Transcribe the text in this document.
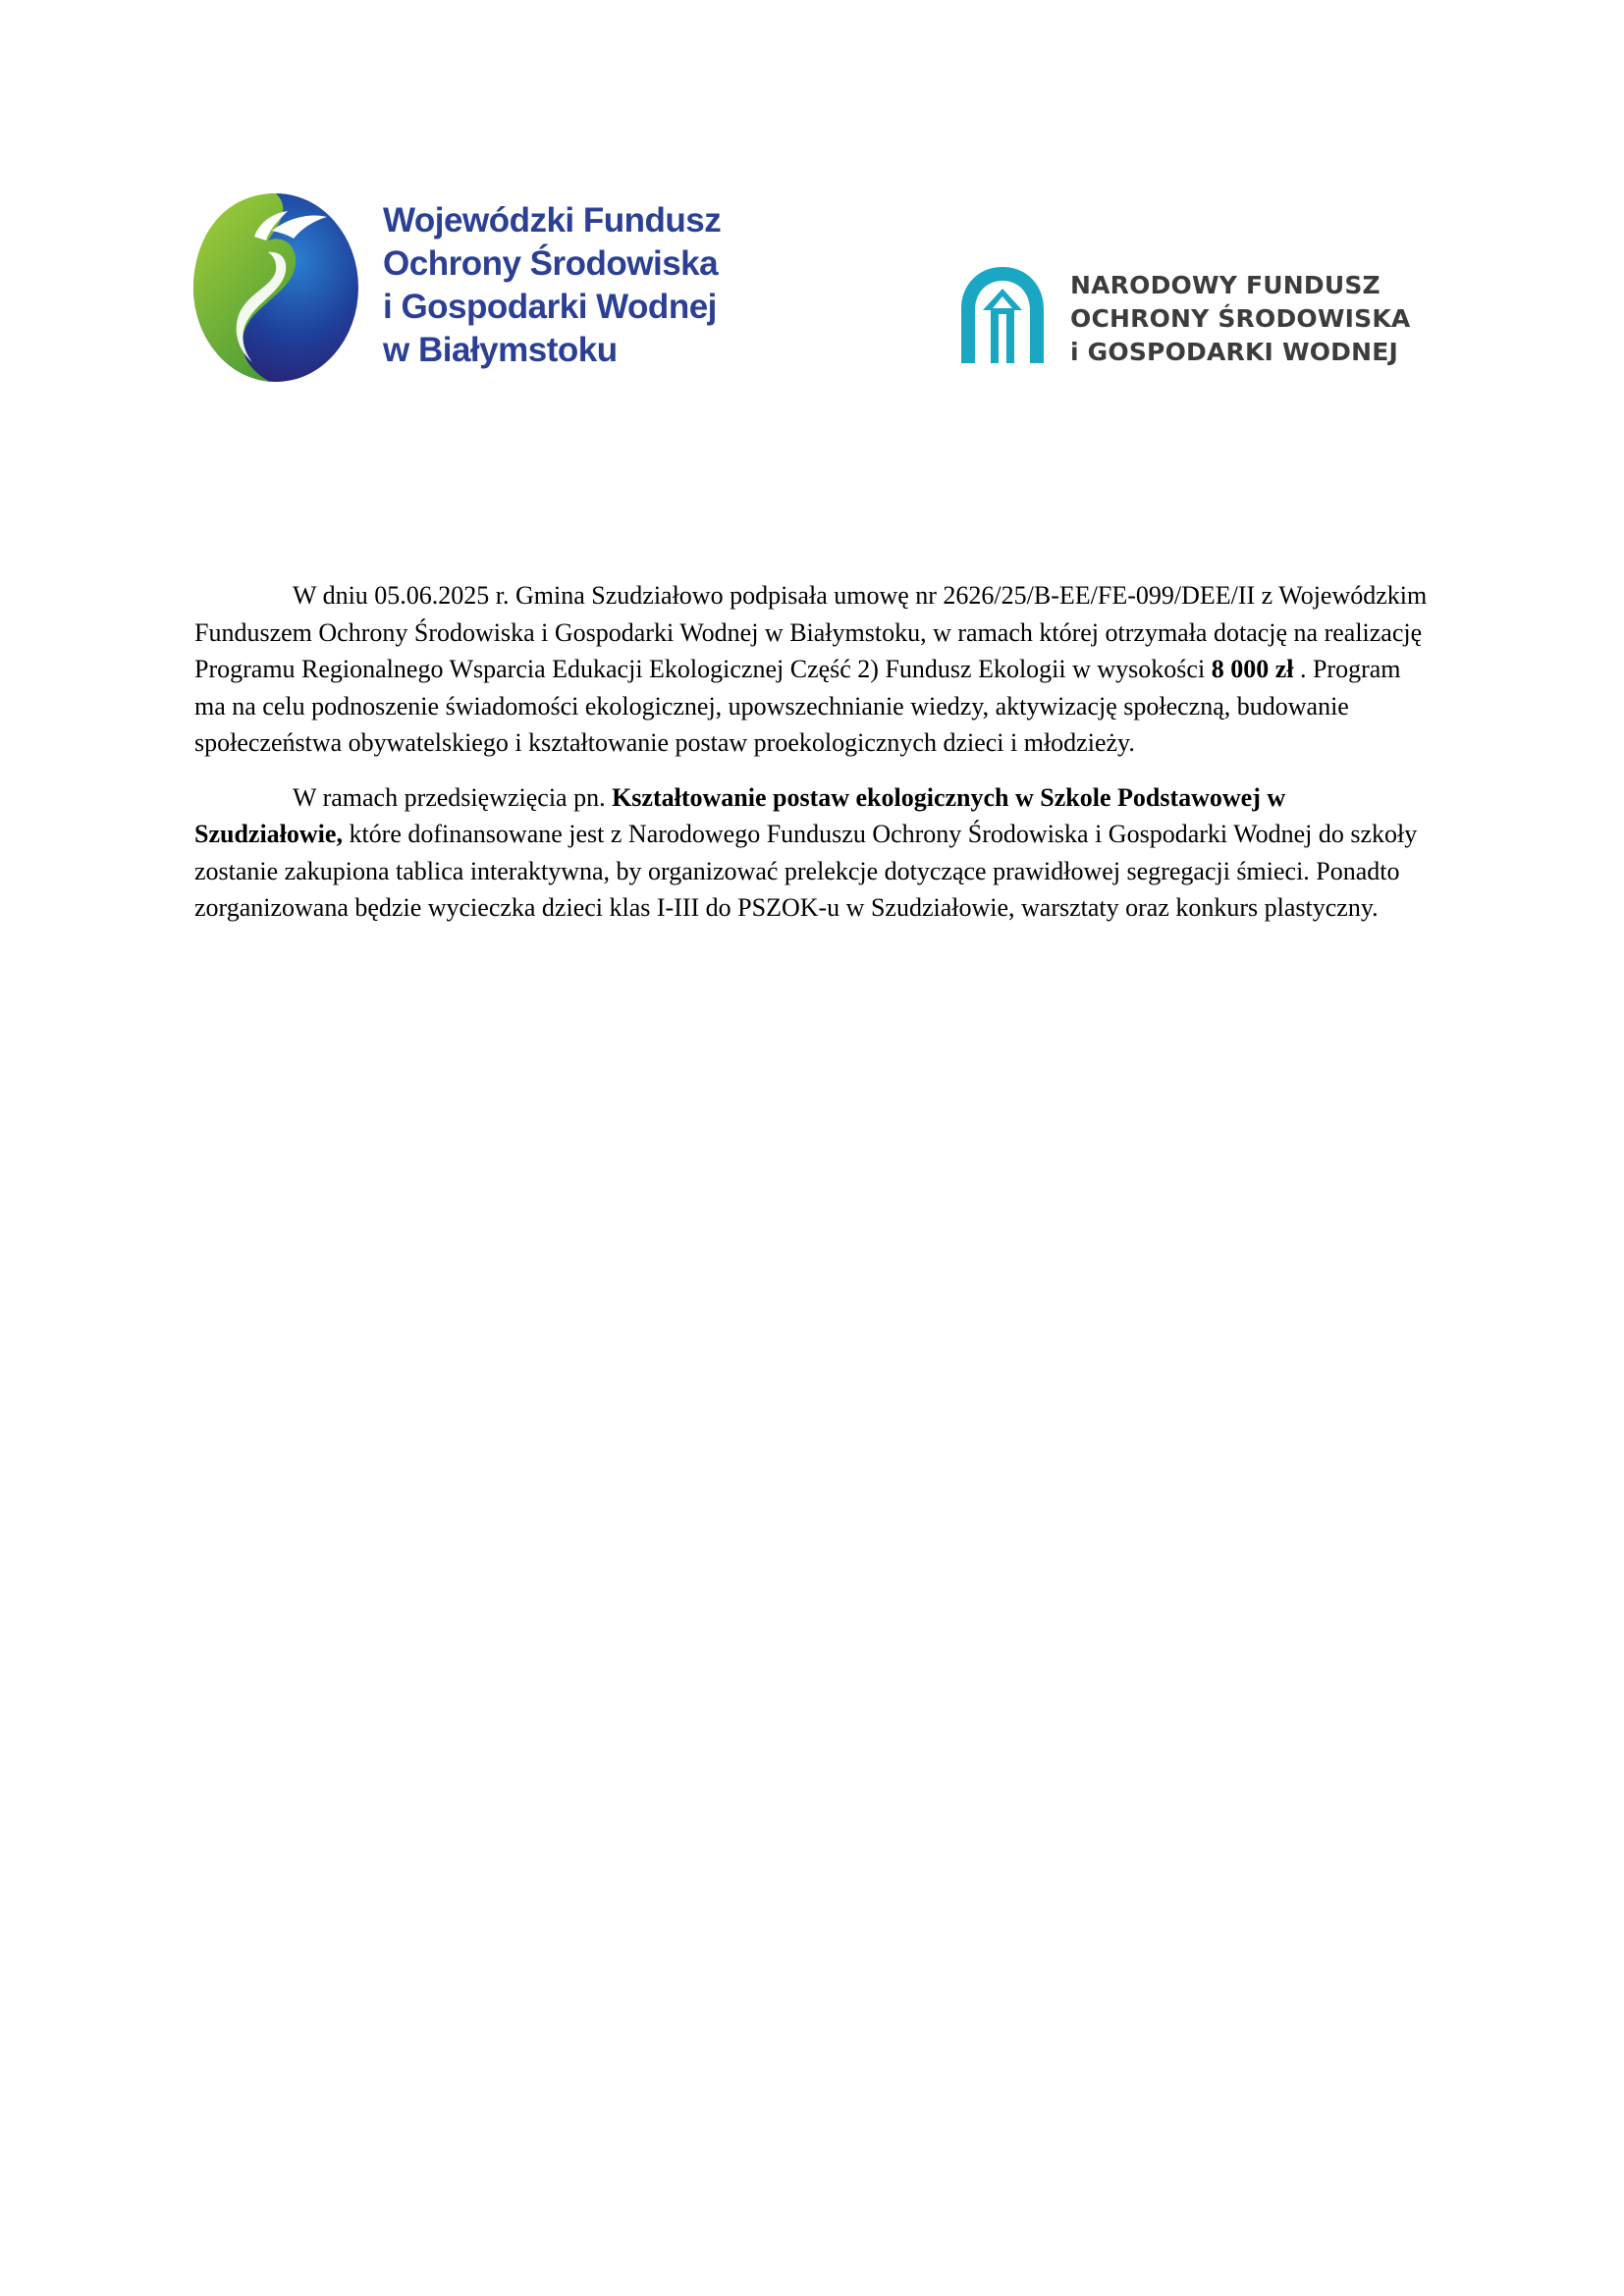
Wojewódzki Fundusz
Ochrony Środowiska
i Gospodarki Wodnej
w Białymstoku
NARODOWY FUNDUSZ
OCHRONY ŚRODOWISKA
i GOSPODARKI WODNEJ

W dniu 05.06.2025 r. Gmina Szudziałowo podpisała umowę nr 2626/25/B-EE/FE-099/DEE/II z Wojewódzkim Funduszem Ochrony Środowiska i Gospodarki Wodnej w Białymstoku, w ramach której otrzymała dotację na realizację Programu Regionalnego Wsparcia Edukacji Ekologicznej Część 2) Fundusz Ekologii w wysokości 8 000 zł . Program ma na celu podnoszenie świadomości ekologicznej, upowszechnianie wiedzy, aktywizację społeczną, budowanie społeczeństwa obywatelskiego i kształtowanie postaw proekologicznych dzieci i młodzieży.

W ramach przedsięwzięcia pn. Kształtowanie postaw ekologicznych w Szkole Podstawowej w Szudziałowie, które dofinansowane jest z Narodowego Funduszu Ochrony Środowiska i Gospodarki Wodnej do szkoły zostanie zakupiona tablica interaktywna, by organizować prelekcje dotyczące prawidłowej segregacji śmieci. Ponadto zorganizowana będzie wycieczka dzieci klas I-III do PSZOK-u w Szudziałowie, warsztaty oraz konkurs plastyczny.
